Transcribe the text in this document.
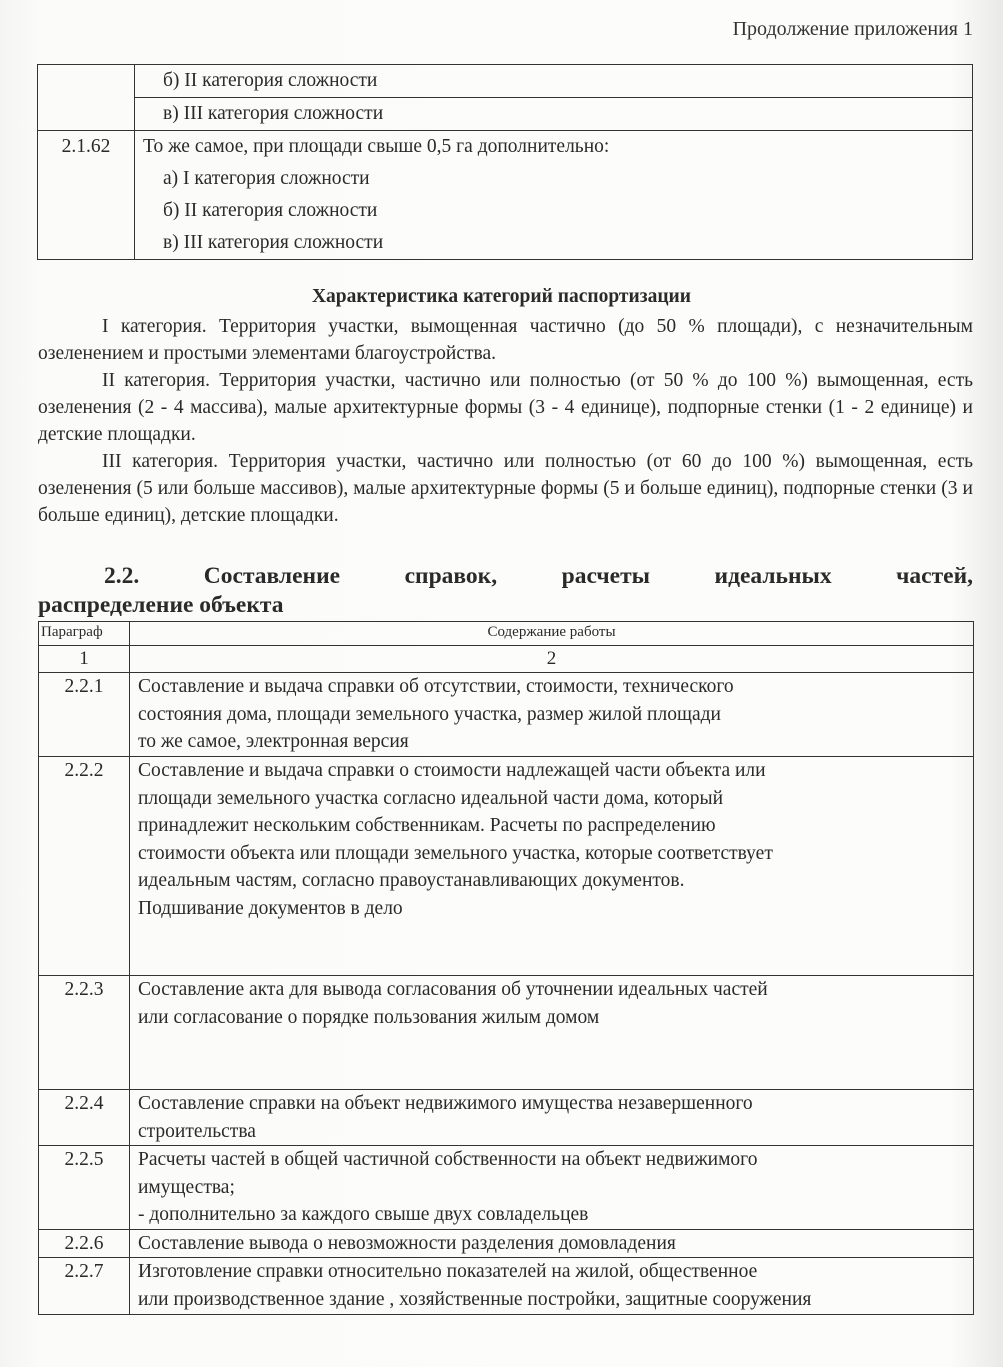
Продолжение приложения 1
	б) II категория сложности
	в) III категория сложности
2.1.62	То же самое, при площади свыше 0,5 га дополнительно:
а) I категория сложности
б) II категория сложности
в) III категория сложности
Характеристика категорий паспортизации
I категория. Территория участки, вымощенная частично (до 50 % площади), с незначительным озеленением и простыми элементами благоустройства.
II категория. Территория участки, частично или полностью (от 50 % до 100 %) вымощенная, есть озеленения (2 - 4 массива), малые архитектурные формы (3 - 4 единице), подпорные стенки (1 - 2 единице) и детские площадки.
III категория. Территория участки, частично или полностью (от 60 до 100 %) вымощенная, есть озеленения (5 или больше массивов), малые архитектурные формы (5 и больше единиц), подпорные стенки (3 и больше единиц), детские площадки.
2.2. Составление справок, расчеты идеальных частей,
распределение объекта
Параграф	Содержание работы
1	2
2.2.1	Составление и выдача справки об отсутствии, стоимости, технического
состояния дома, площади земельного участка, размер жилой площади
то же самое, электронная версия

2.2.2	Составление и выдача справки о стоимости надлежащей части объекта или
площади земельного участка согласно идеальной части дома, который
принадлежит нескольким собственникам. Расчеты по распределению
стоимости объекта или площади земельного участка, которые соответствует
идеальным частям, согласно правоустанавливающих документов.
Подшивание документов в дело

2.2.3	Составление акта для вывода согласования об уточнении идеальных частей
или согласование о порядке пользования жилым домом

2.2.4	Составление справки на объект недвижимого имущества незавершенного
строительства

2.2.5	Расчеты частей в общей частичной собственности на объект недвижимого
имущества;
- дополнительно за каждого свыше двух совладельцев

2.2.6	Составление вывода о невозможности разделения домовладения

2.2.7	Изготовление справки относительно показателей на жилой, общественное
или производственное здание , хозяйственные постройки, защитные сооружения
